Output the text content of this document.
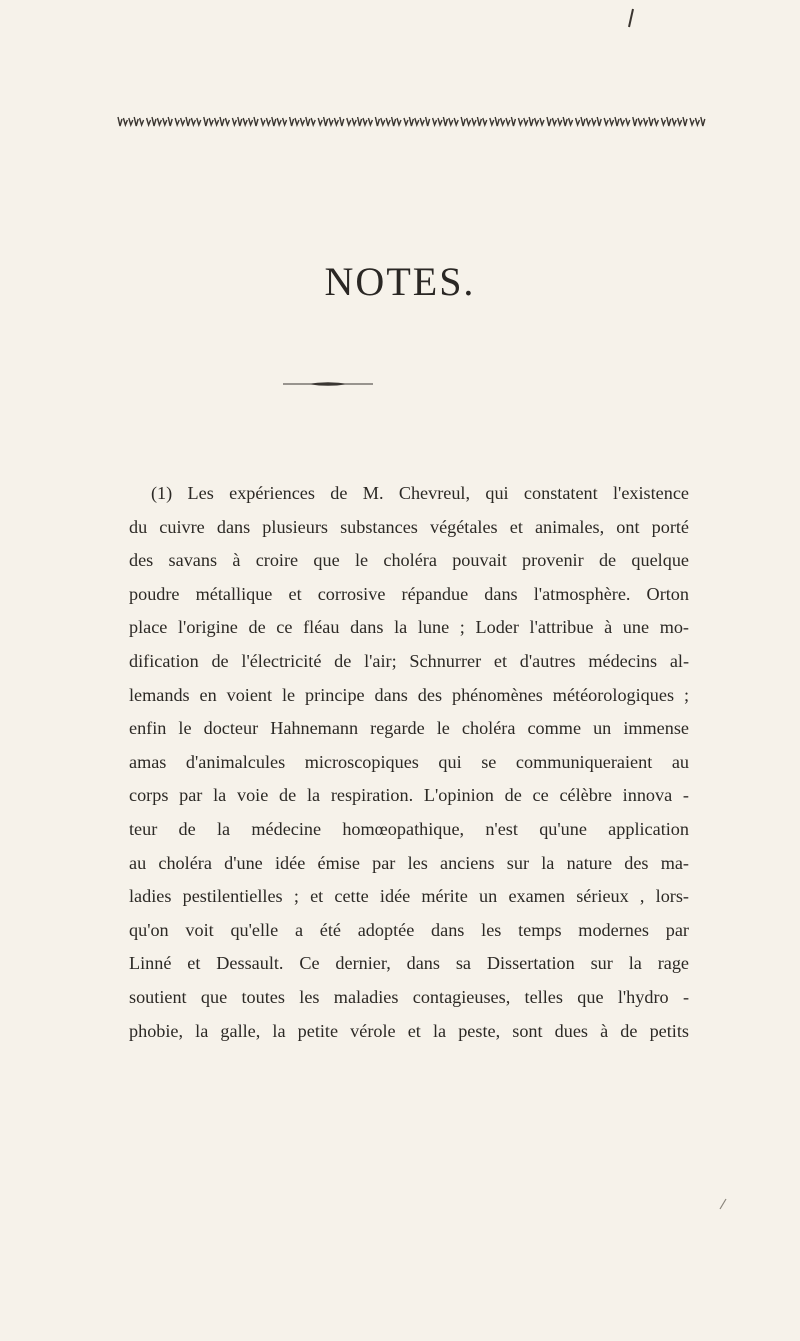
NOTES.
(1) Les expériences de M. Chevreul, qui constatent l'existence
du cuivre dans plusieurs substances végétales et animales, ont porté
des savans à croire que le choléra pouvait provenir de quelque
poudre métallique et corrosive répandue dans l'atmosphère. Orton
place l'origine de ce fléau dans la lune ; Loder l'attribue à une mo-
dification de l'électricité de l'air; Schnurrer et d'autres médecins al-
lemands en voient le principe dans des phénomènes météorologiques ;
enfin le docteur Hahnemann regarde le choléra comme un immense
amas d'animalcules microscopiques qui se communiqueraient au
corps par la voie de la respiration. L'opinion de ce célèbre innova -
teur de la médecine homœopathique, n'est qu'une application
au choléra d'une idée émise par les anciens sur la nature des ma-
ladies pestilentielles ; et cette idée mérite un examen sérieux , lors-
qu'on voit qu'elle a été adoptée dans les temps modernes par
Linné et Dessault. Ce dernier, dans sa Dissertation sur la rage
soutient que toutes les maladies contagieuses, telles que l'hydro -
phobie, la galle, la petite vérole et la peste, sont dues à de petits
